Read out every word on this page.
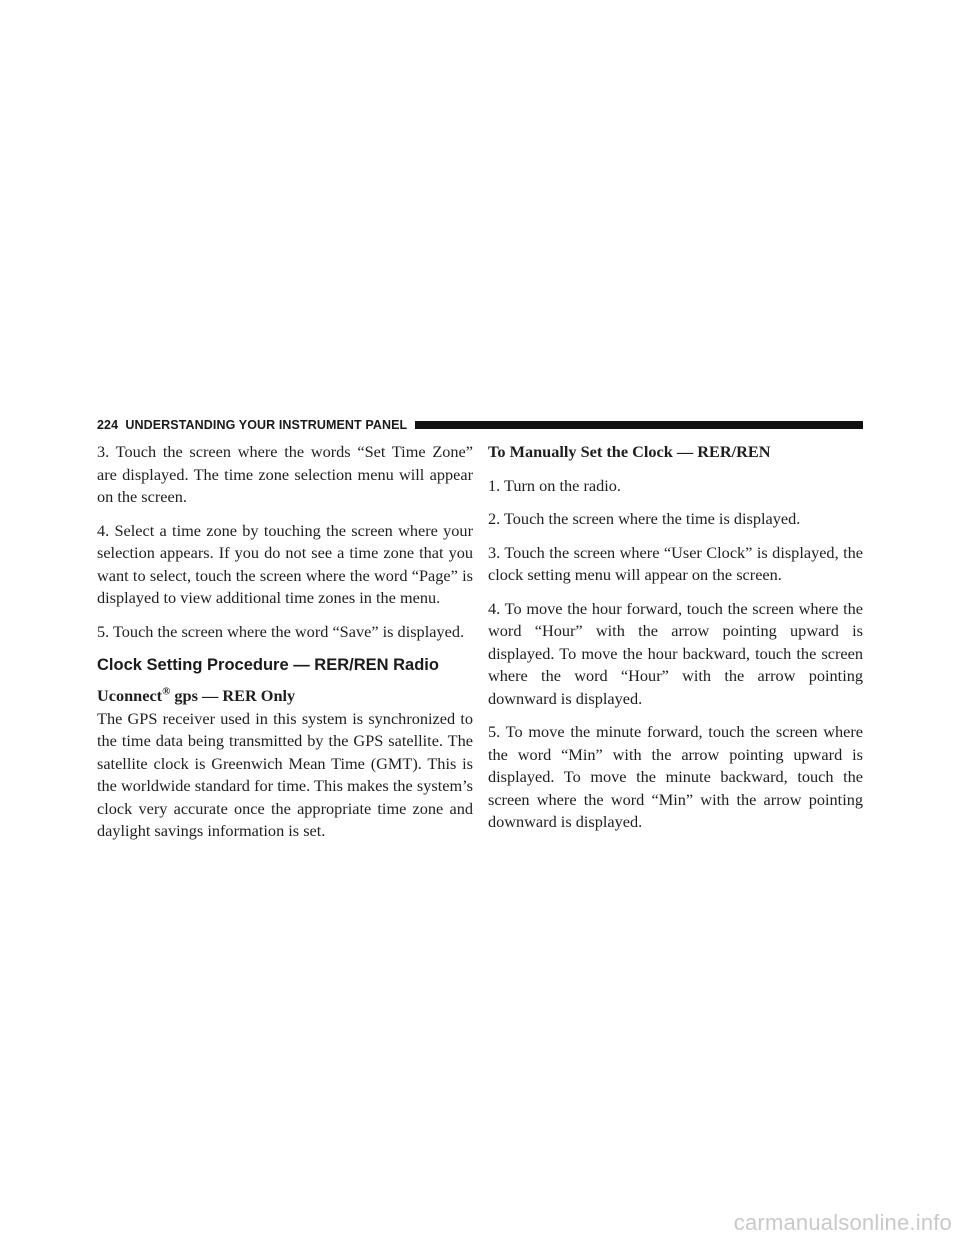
224 UNDERSTANDING YOUR INSTRUMENT PANEL

3. Touch the screen where the words “Set Time Zone” are displayed. The time zone selection menu will appear on the screen.

4. Select a time zone by touching the screen where your selection appears. If you do not see a time zone that you want to select, touch the screen where the word “Page” is displayed to view additional time zones in the menu.

5. Touch the screen where the word “Save” is displayed.

Clock Setting Procedure — RER/REN Radio
Uconnect® gps — RER Only

The GPS receiver used in this system is synchronized to the time data being transmitted by the GPS satellite. The satellite clock is Greenwich Mean Time (GMT). This is the worldwide standard for time. This makes the system’s clock very accurate once the appropriate time zone and daylight savings information is set.

To Manually Set the Clock — RER/REN

1. Turn on the radio.

2. Touch the screen where the time is displayed.

3. Touch the screen where “User Clock” is displayed, the clock setting menu will appear on the screen.

4. To move the hour forward, touch the screen where the word “Hour” with the arrow pointing upward is displayed. To move the hour backward, touch the screen where the word “Hour” with the arrow pointing downward is displayed.

5. To move the minute forward, touch the screen where the word “Min” with the arrow pointing upward is displayed. To move the minute backward, touch the screen where the word “Min” with the arrow pointing downward is displayed.

carmanualsonline.info
